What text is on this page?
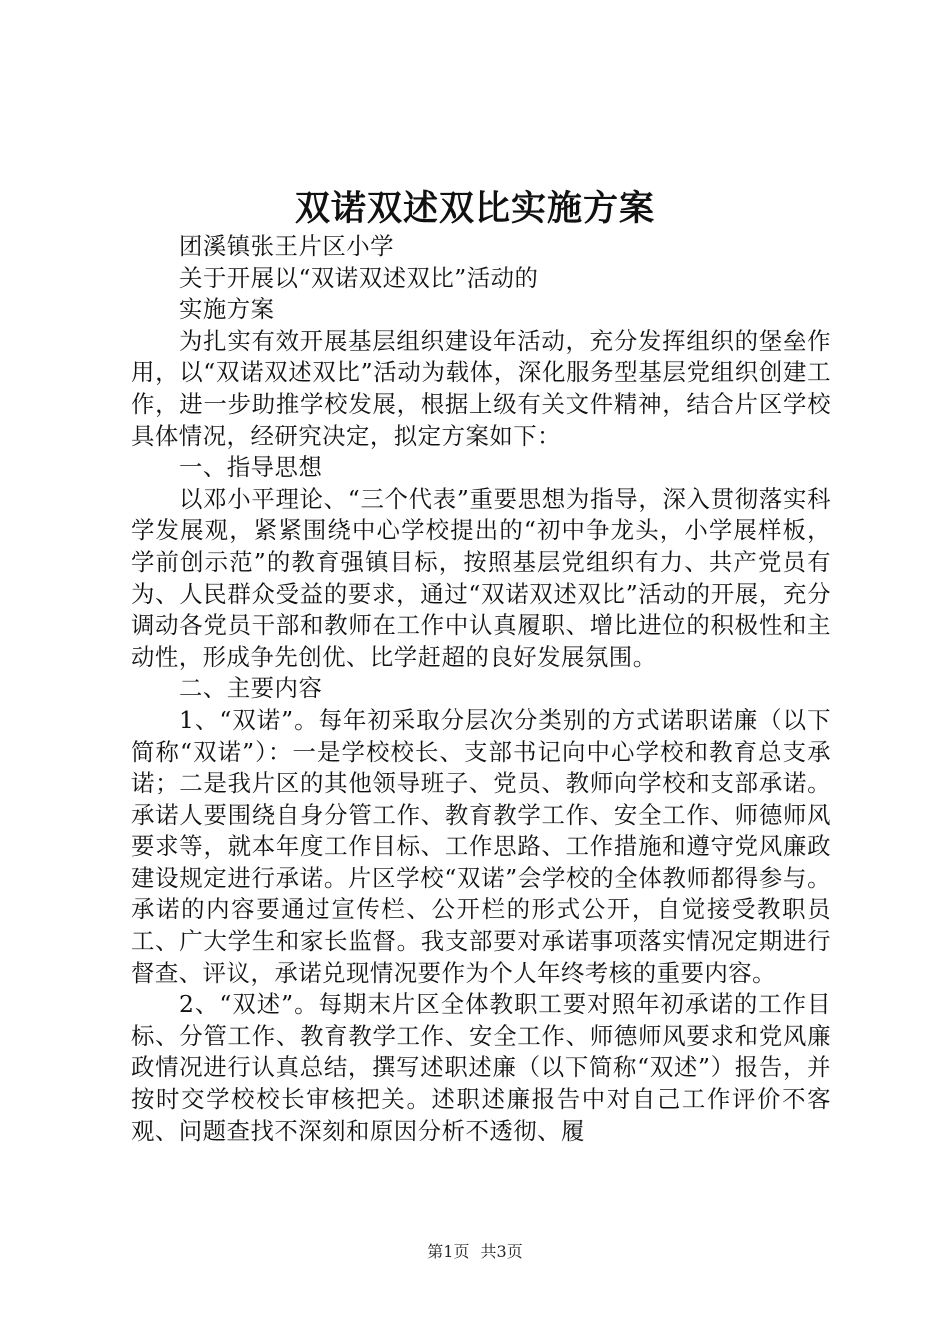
双诺双述双比实施方案

团溪镇张王片区小学

关于开展以“双诺双述双比”活动的

实施方案

为扎实有效开展基层组织建设年活动，充分发挥组织的堡垒作用，以“双诺双述双比”活动为载体，深化服务型基层党组织创建工作，进一步助推学校发展，根据上级有关文件精神，结合片区学校具体情况，经研究决定，拟定方案如下：

一、指导思想

以邓小平理论、“三个代表”重要思想为指导，深入贯彻落实科学发展观，紧紧围绕中心学校提出的“初中争龙头，小学展样板，学前创示范”的教育强镇目标，按照基层党组织有力、共产党员有为、人民群众受益的要求，通过“双诺双述双比”活动的开展，充分调动各党员干部和教师在工作中认真履职、增比进位的积极性和主动性，形成争先创优、比学赶超的良好发展氛围。

二、主要内容

1、“双诺”。每年初采取分层次分类别的方式诺职诺廉（以下简称“双诺”）：一是学校校长、支部书记向中心学校和教育总支承诺；二是我片区的其他领导班子、党员、教师向学校和支部承诺。承诺人要围绕自身分管工作、教育教学工作、安全工作、师德师风要求等，就本年度工作目标、工作思路、工作措施和遵守党风廉政建设规定进行承诺。片区学校“双诺”会学校的全体教师都得参与。承诺的内容要通过宣传栏、公开栏的形式公开，自觉接受教职员工、广大学生和家长监督。我支部要对承诺事项落实情况定期进行督查、评议，承诺兑现情况要作为个人年终考核的重要内容。

2、“双述”。每期末片区全体教职工要对照年初承诺的工作目标、分管工作、教育教学工作、安全工作、师德师风要求和党风廉政情况进行认真总结，撰写述职述廉（以下简称“双述”）报告，并按时交学校校长审核把关。述职述廉报告中对自己工作评价不客观、问题查找不深刻和原因分析不透彻、履

第1页 共3页
